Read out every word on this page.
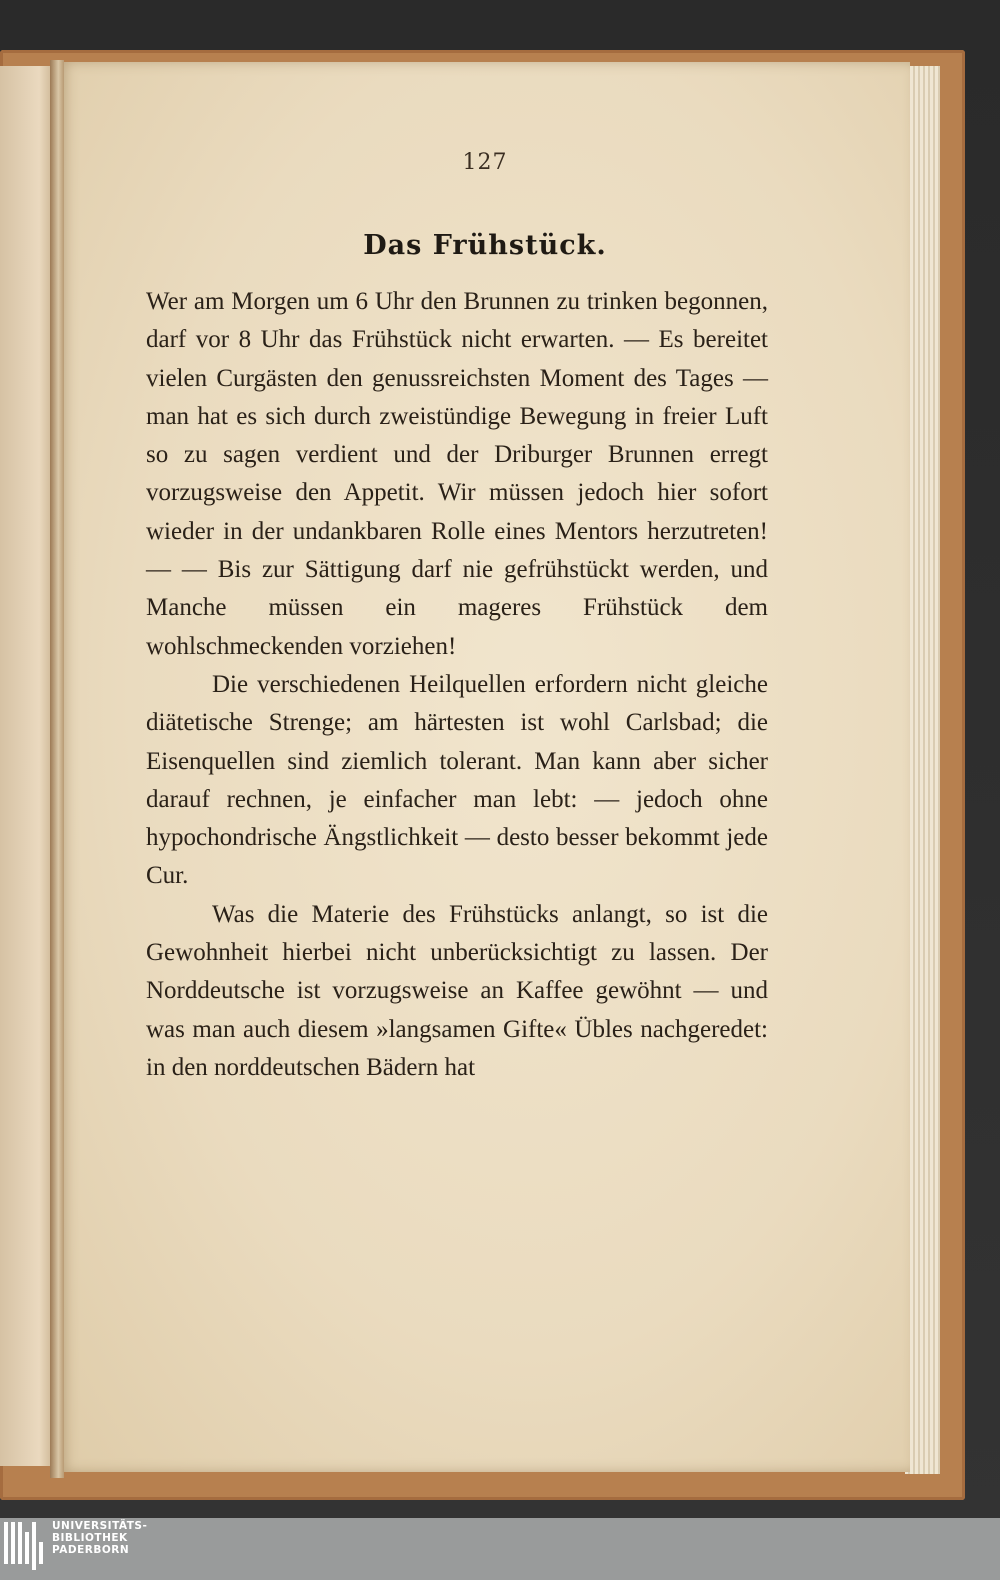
127
Das Frühstück.

Wer am Morgen um 6 Uhr den Brunnen zu trinken begonnen, darf vor 8 Uhr das Frühstück nicht erwarten. — Es bereitet vielen Curgästen den genussreichsten Moment des Tages — man hat es sich durch zweistündige Bewegung in freier Luft so zu sagen verdient und der Driburger Brunnen erregt vorzugsweise den Appetit. Wir müssen jedoch hier sofort wieder in der undankbaren Rolle eines Mentors herzutreten! — — Bis zur Sättigung darf nie gefrühstückt werden, und Manche müssen ein mageres Frühstück dem wohlschmeckenden vorziehen!

Die verschiedenen Heilquellen erfordern nicht gleiche diätetische Strenge; am härtesten ist wohl Carlsbad; die Eisenquellen sind ziemlich tolerant. Man kann aber sicher darauf rechnen, je einfacher man lebt: — jedoch ohne hypochondrische Ängstlichkeit — desto besser bekommt jede Cur.

Was die Materie des Frühstücks anlangt, so ist die Gewohnheit hierbei nicht unberücksichtigt zu lassen. Der Norddeutsche ist vorzugsweise an Kaffee gewöhnt — und was man auch diesem »langsamen Gifte« Übles nachgeredet: in den norddeutschen Bädern hat

UNIVERSITÄTS-
BIBLIOTHEK
PADERBORN
